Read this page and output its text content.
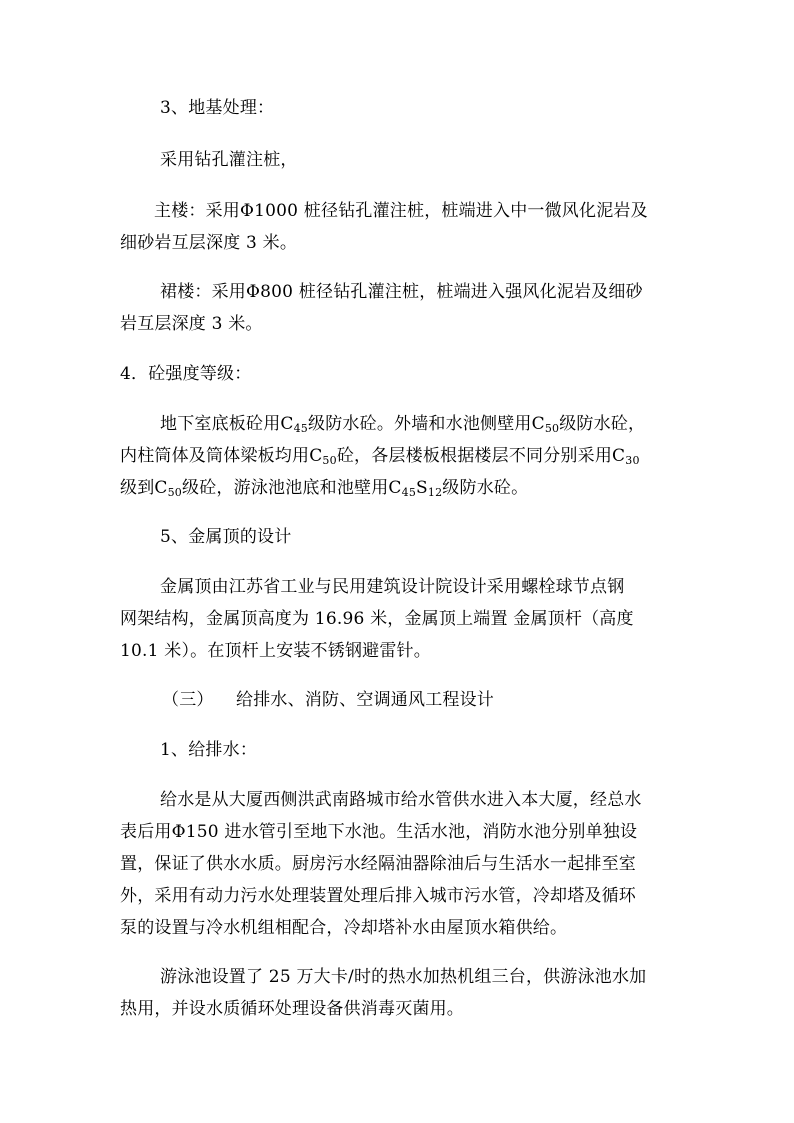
3、地基处理：
采用钻孔灌注桩，
主楼：采用Φ1000 桩径钻孔灌注桩，桩端进入中一微风化泥岩及
细砂岩互层深度 3 米。
裙楼：采用Φ800 桩径钻孔灌注桩，桩端进入强风化泥岩及细砂
岩互层深度 3 米。
4．砼强度等级：
地下室底板砼用$C_{45}$级防水砼。外墙和水池侧壁用$C_{50}$级防水砼，
内柱筒体及筒体梁板均用$C_{50}$砼，各层楼板根据楼层不同分别采用$C_{30}$
级到$C_{50}$级砼，游泳池池底和池壁用$C_{45}S_{12}$级防水砼。
5、金属顶的设计
金属顶由江苏省工业与民用建筑设计院设计采用螺栓球节点钢
网架结构，金属顶高度为 16.96 米，金属顶上端置 金属顶杆（高度
10.1 米）。在顶杆上安装不锈钢避雷针。
（三） 给排水、消防、空调通风工程设计
1、给排水：
给水是从大厦西侧洪武南路城市给水管供水进入本大厦，经总水
表后用Φ150 进水管引至地下水池。生活水池，消防水池分别单独设
置，保证了供水水质。厨房污水经隔油器除油后与生活水一起排至室
外，采用有动力污水处理装置处理后排入城市污水管，冷却塔及循环
泵的设置与冷水机组相配合，冷却塔补水由屋顶水箱供给。
游泳池设置了 25 万大卡/时的热水加热机组三台，供游泳池水加
热用，并设水质循环处理设备供消毒灭菌用。
